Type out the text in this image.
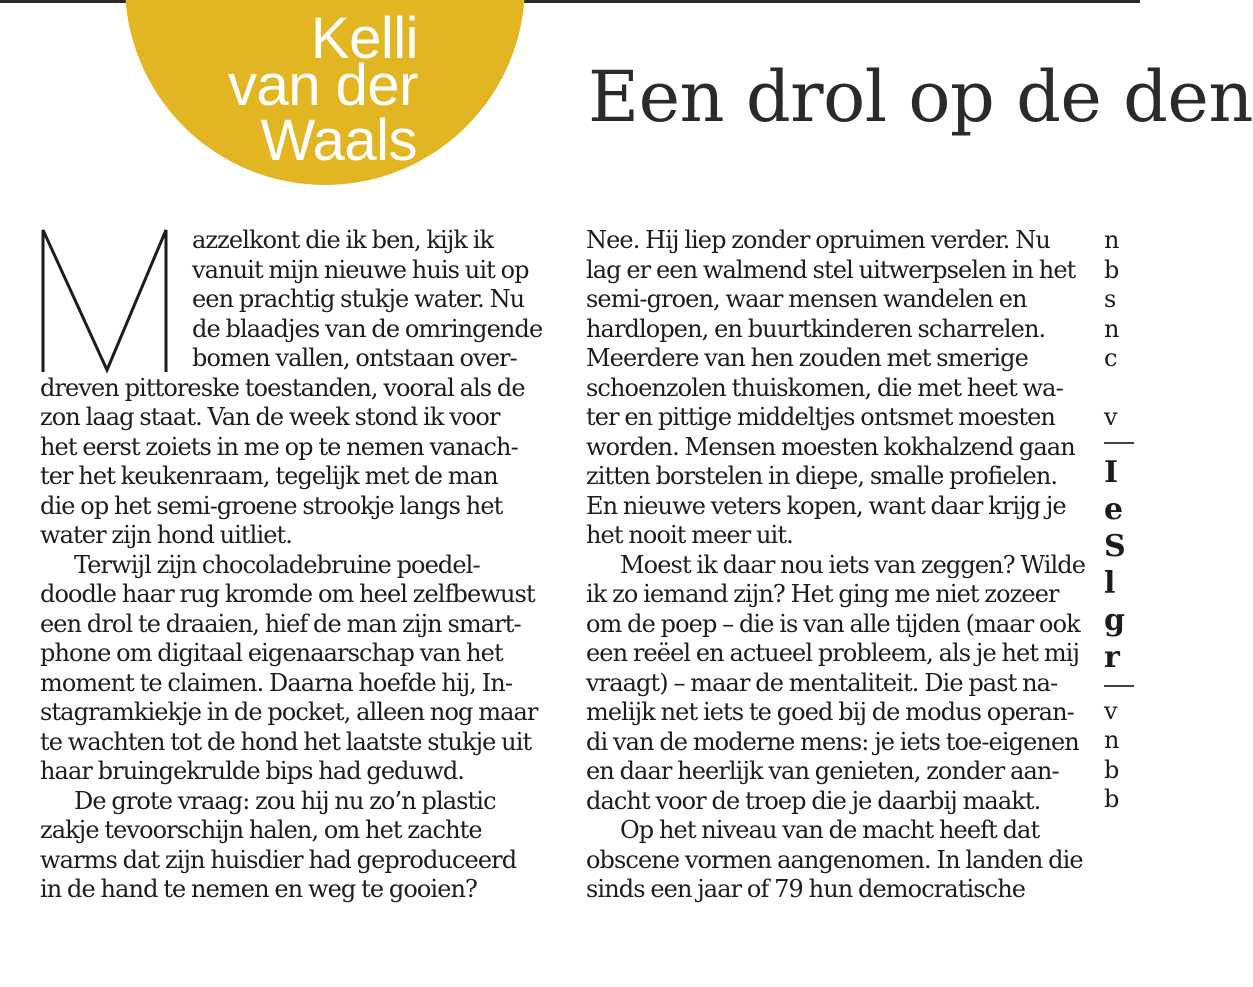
Kelli

van der

Waals

Een drol op de den
azzelkont die ik ben, kijk ik
vanuit mijn nieuwe huis uit op
een prachtig stukje water. Nu
de blaadjes van de omringende
bomen vallen, ontstaan over-
dreven pittoreske toestanden, vooral als de
zon laag staat. Van de week stond ik voor
het eerst zoiets in me op te nemen vanach-
ter het keukenraam, tegelijk met de man
die op het semi-groene strookje langs het
water zijn hond uitliet.
Terwijl zijn chocoladebruine poedel-
doodle haar rug kromde om heel zelfbewust
een drol te draaien, hief de man zijn smart-
phone om digitaal eigenaarschap van het
moment te claimen. Daarna hoefde hij, In-
stagramkiekje in de pocket, alleen nog maar
te wachten tot de hond het laatste stukje uit
haar bruingekrulde bips had geduwd.
De grote vraag: zou hij nu zo’n plastic
zakje tevoorschijn halen, om het zachte
warms dat zijn huisdier had geproduceerd
in de hand te nemen en weg te gooien?
Nee. Hij liep zonder opruimen verder. Nu
lag er een walmend stel uitwerpselen in het
semi-groen, waar mensen wandelen en
hardlopen, en buurtkinderen scharrelen.
Meerdere van hen zouden met smerige
schoenzolen thuiskomen, die met heet wa-
ter en pittige middeltjes ontsmet moesten
worden. Mensen moesten kokhalzend gaan
zitten borstelen in diepe, smalle profielen.
En nieuwe veters kopen, want daar krijg je
het nooit meer uit.
Moest ik daar nou iets van zeggen? Wilde
ik zo iemand zijn? Het ging me niet zozeer
om de poep – die is van alle tijden (maar ook
een reëel en actueel probleem, als je het mij
vraagt) – maar de mentaliteit. Die past na-
melijk net iets te goed bij de modus operan-
di van de moderne mens: je iets toe-eigenen
en daar heerlijk van genieten, zonder aan-
dacht voor de troep die je daarbij maakt.
Op het niveau van de macht heeft dat
obscene vormen aangenomen. In landen die
sinds een jaar of 79 hun democratische
n
b
s
n
c
v
I
e
S
l
g
r
v
n
b
b
